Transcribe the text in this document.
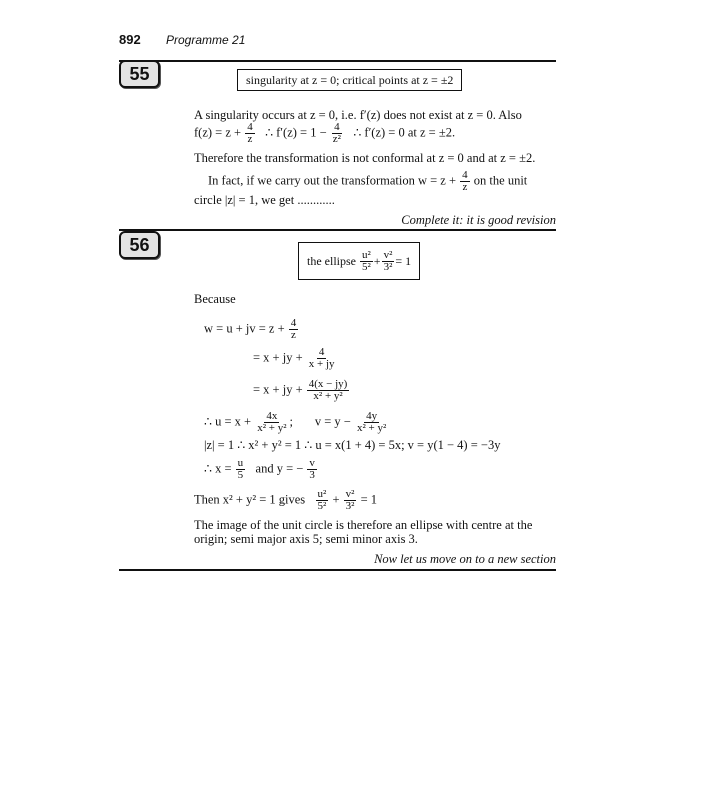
892 Programme 21
55	singularity at z = 0; critical points at z = ±2
A singularity occurs at z = 0, i.e. f′(z) does not exist at z = 0. Also
$f(z) = z + \frac{4}{z}$ ∴ $f'(z) = 1 - \frac{4}{\text{z²}}$ ∴ f′(z) = 0 at z = ±2.
Therefore the transformation is not conformal at z = 0 and at z = ±2.
In fact, if we carry out the transformation $w = z + \frac{4}{z}$ on the unit
circle |z| = 1, we get ............
Complete it: it is good revision
56
the ellipse
$\frac{\text{u²}}{\text{5²}} + \frac{\text{v²}}{\text{3²}} = 1$
Because
w = u + jv = $z + \frac{4}{z}$
= x + jy + $\frac{4}{x + jy}$
= x + jy + $\frac{4(x - jy)}{\text{x² + y²}}$
∴ $u = x + \frac{4x}{\text{x² + y²}}$ ; $v = y - \frac{4y}{\text{x² + y²}}$
|z| = 1 ∴ x² + y² = 1 ∴ u = x(1 + 4) = 5x; v = y(1 − 4) = −3y
∴ $x = \frac{u}{5}$ and y = − $\frac{v}{3}$
Then x² + y² = 1 gives $\frac{\text{u²}}{\text{5²}} + \frac{\text{v²}}{\text{3²}} = 1$
The image of the unit circle is therefore an ellipse with centre at the
origin; semi major axis 5; semi minor axis 3.
Now let us move on to a new section
